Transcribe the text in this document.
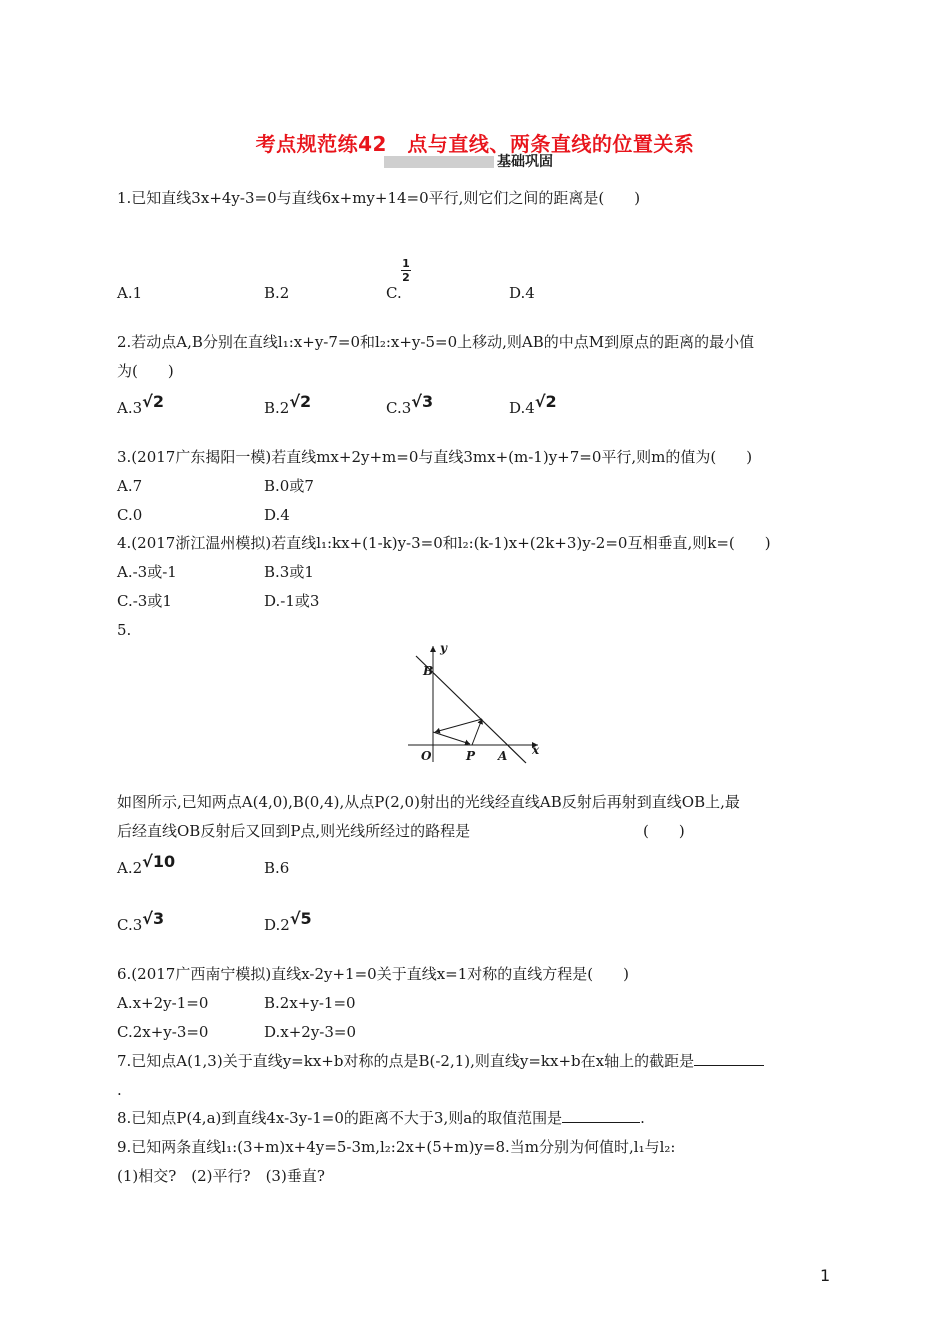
考点规范练42　点与直线、两条直线的位置关系
基础巩固
1.已知直线3x+4y-3=0与直线6x+my+14=0平行,则它们之间的距离是(　　)
A.1	B.2	C.
1
2
D.4
2.若动点A,B分别在直线l₁:x+y-7=0和l₂:x+y-5=0上移动,则AB的中点M到原点的距离的最小值
为(　　)
A.3√2	B.2√2	C.3√3	D.4√2
3.(2017广东揭阳一模)若直线mx+2y+m=0与直线3mx+(m-1)y+7=0平行,则m的值为(　　)
A.7	B.0或7
C.0	D.4
4.(2017浙江温州模拟)若直线l₁:kx+(1-k)y-3=0和l₂:(k-1)x+(2k+3)y-2=0互相垂直,则k=(　　)
A.-3或-1	B.3或1
C.-3或1	D.-1或3
5.
y
x
B
O	P A
如图所示,已知两点A(4,0),B(0,4),从点P(2,0)射出的光线经直线AB反射后再射到直线OB上,最
后经直线OB反射后又回到P点,则光线所经过的路程是	(　　)
A.2√10	B.6
C.3√3	D.2√5
6.(2017广西南宁模拟)直线x-2y+1=0关于直线x=1对称的直线方程是(　　)
A.x+2y-1=0	B.2x+y-1=0
C.2x+y-3=0	D.x+2y-3=0
7.已知点A(1,3)关于直线y=kx+b对称的点是B(-2,1),则直线y=kx+b在x轴上的截距是
.
8.已知点P(4,a)到直线4x-3y-1=0的距离不大于3,则a的取值范围是	.
9.已知两条直线l₁:(3+m)x+4y=5-3m,l₂:2x+(5+m)y=8.当m分别为何值时,l₁与l₂:
(1)相交?　(2)平行?　(3)垂直?
1
